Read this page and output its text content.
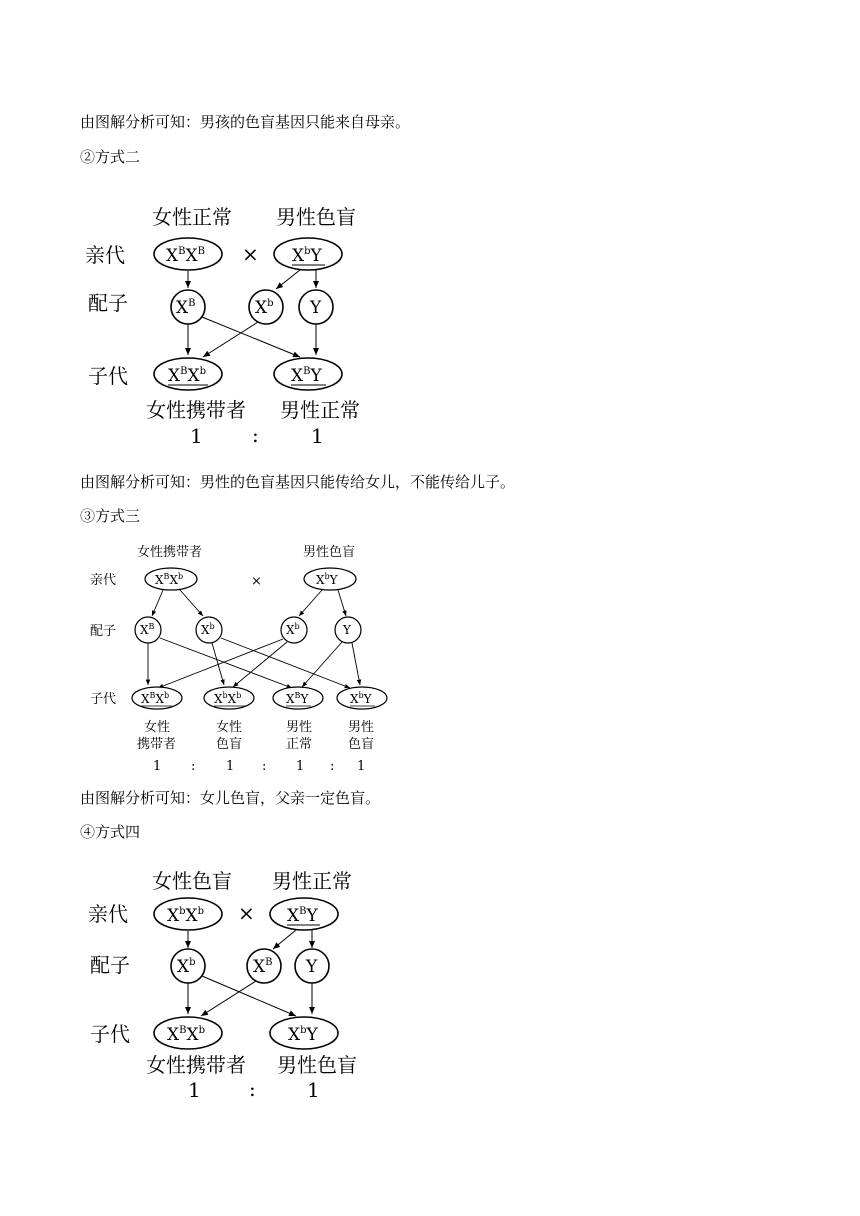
由图解分析可知：男孩的色盲基因只能来自母亲。
②方式二
女性正常 男性色盲
亲代 $X^BX^B \times X^bY$
配子	$X^B$	$X^b$ Y
子代 $X^BX^b$	$X^BY$
女性携带者 男性正常
1 :	1
由图解分析可知：男性的色盲基因只能传给女儿，不能传给儿子。
③方式三
女性携带者	男性色盲
亲代	$X^BX^b$	×	$X^bY$
配子 $X^B$	$X^b$	$X^b$	Y
子代 $X^BX^b$	$X^bX^b$	$X^BY$	$X^bY$
女性
携带者
女性
色盲
男性
正常
男性
色盲
1 : 1 : 1 : 1
由图解分析可知：女儿色盲，父亲一定色盲。
④方式四
女性色盲 男性正常
亲代 $X^bX^b \times X^BY$
配子	$X^b$	$X^B$ Y
子代 $X^BX^b$	$X^bY$
女性携带者 男性色盲
1 :	1
